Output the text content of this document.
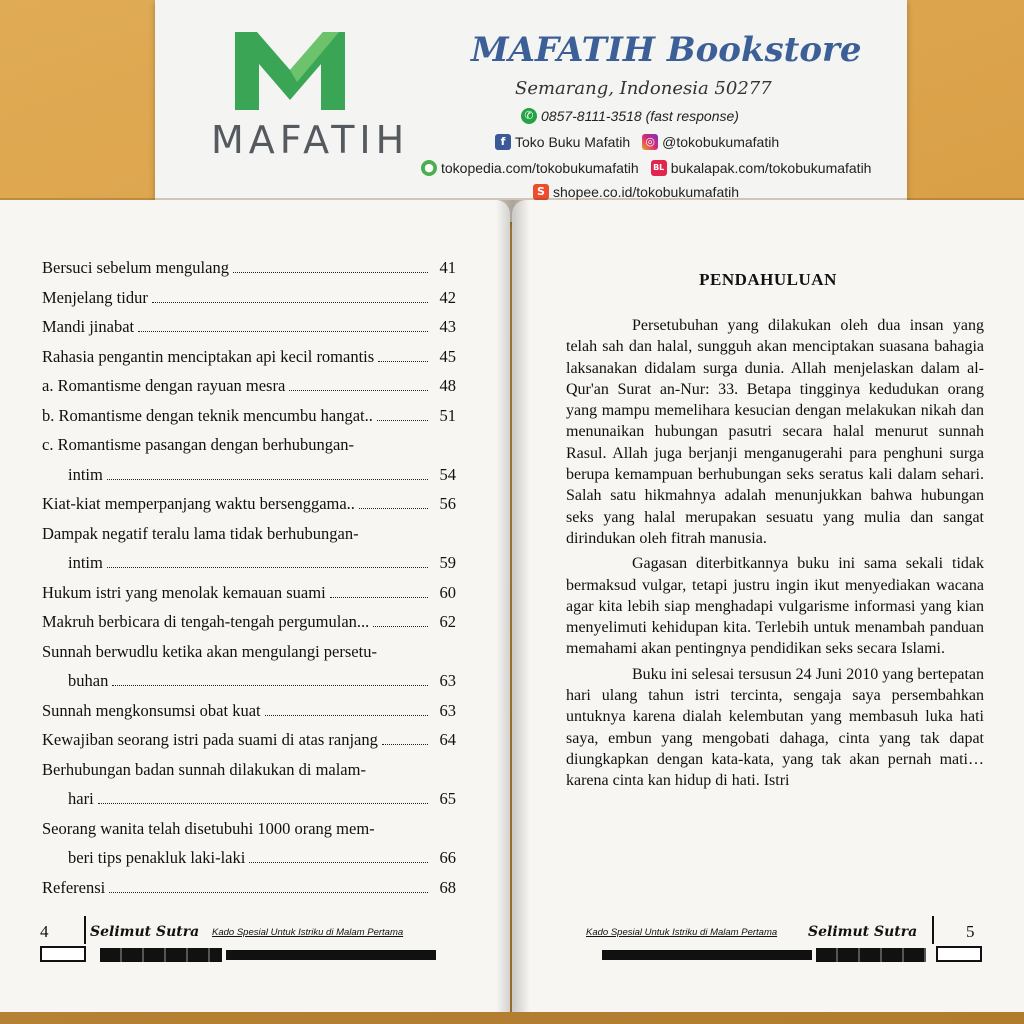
MAFATIH
MAFATIH Bookstore
Semarang, Indonesia 50277
✆ 0857-8111-3518 (fast response)
f Toko Buku Mafatih ◎ @tokobukumafatih
● tokopedia.com/tokobukumafatih BL bukalapak.com/tokobukumafatih
S shopee.co.id/tokobukumafatih
Bersuci sebelum mengulang	41
Menjelang tidur	42
Mandi jinabat	43
Rahasia pengantin menciptakan api kecil romantis	45
a. Romantisme dengan rayuan mesra	48
b. Romantisme dengan teknik mencumbu hangat..	51
c. Romantisme pasangan dengan berhubungan-
intim	54
Kiat-kiat memperpanjang waktu bersenggama..	56
Dampak negatif teralu lama tidak berhubungan-
intim	59
Hukum istri yang menolak kemauan suami	60
Makruh berbicara di tengah-tengah pergumulan...	62
Sunnah berwudlu ketika akan mengulangi persetu-
buhan	63
Sunnah mengkonsumsi obat kuat	63
Kewajiban seorang istri pada suami di atas ranjang	64
Berhubungan badan sunnah dilakukan di malam-
hari	65
Seorang wanita telah disetubuhi 1000 orang mem-
beri tips penakluk laki-laki	66
Referensi	68
4	Selimut Sutra Kado Spesial Untuk Istriku di Malam Pertama
PENDAHULUAN

Persetubuhan yang dilakukan oleh dua insan yang telah sah dan halal, sungguh akan menciptakan suasana bahagia laksanakan didalam surga dunia. Allah menjelaskan dalam al-Qur'an Surat an-Nur: 33. Betapa tingginya kedudukan orang yang mampu memelihara kesucian dengan melakukan nikah dan menunaikan hubungan pasutri secara halal menurut sunnah Rasul. Allah juga berjanji menganugerahi para penghuni surga berupa kemampuan berhubungan seks seratus kali dalam sehari. Salah satu hikmahnya adalah menunjukkan bahwa hubungan seks yang halal merupakan sesuatu yang mulia dan sangat dirindukan oleh fitrah manusia.

Gagasan diterbitkannya buku ini sama sekali tidak bermaksud vulgar, tetapi justru ingin ikut menyediakan wacana agar kita lebih siap menghadapi vulgarisme informasi yang kian menyelimuti kehidupan kita. Terlebih untuk menambah panduan memahami akan pentingnya pendidikan seks secara Islami.

Buku ini selesai tersusun 24 Juni 2010 yang bertepatan hari ulang tahun istri tercinta, sengaja saya persembahkan untuknya karena dialah kelembutan yang membasuh luka hati saya, embun yang mengobati dahaga, cinta yang tak dapat diungkapkan dengan kata-kata, yang tak akan pernah mati… karena cinta kan hidup di hati. Istri

Kado Spesial Untuk Istriku di Malam Pertama Selimut Sutra	5
